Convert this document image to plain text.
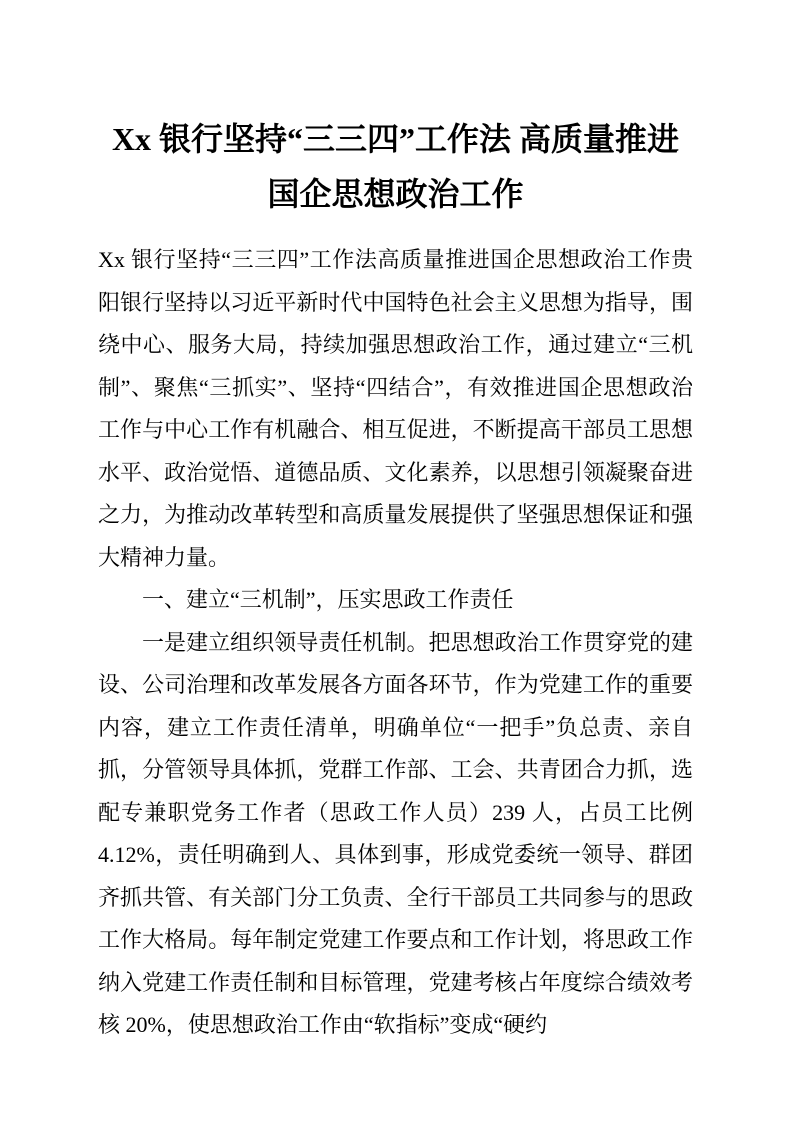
Xx 银行坚持“三三四”工作法 高质量推进国企思想政治工作

Xx 银行坚持“三三四”工作法高质量推进国企思想政治工作贵阳银行坚持以习近平新时代中国特色社会主义思想为指导，围绕中心、服务大局，持续加强思想政治工作，通过建立“三机制”、聚焦“三抓实”、坚持“四结合”，有效推进国企思想政治工作与中心工作有机融合、相互促进，不断提高干部员工思想水平、政治觉悟、道德品质、文化素养，以思想引领凝聚奋进之力，为推动改革转型和高质量发展提供了坚强思想保证和强大精神力量。

一、建立“三机制”，压实思政工作责任

一是建立组织领导责任机制。把思想政治工作贯穿党的建设、公司治理和改革发展各方面各环节，作为党建工作的重要内容，建立工作责任清单，明确单位“一把手”负总责、亲自抓，分管领导具体抓，党群工作部、工会、共青团合力抓，选配专兼职党务工作者（思政工作人员）239 人，占员工比例 4.12%，责任明确到人、具体到事，形成党委统一领导、群团齐抓共管、有关部门分工负责、全行干部员工共同参与的思政工作大格局。每年制定党建工作要点和工作计划，将思政工作纳入党建工作责任制和目标管理，党建考核占年度综合绩效考核 20%，使思想政治工作由“软指标”变成“硬约
